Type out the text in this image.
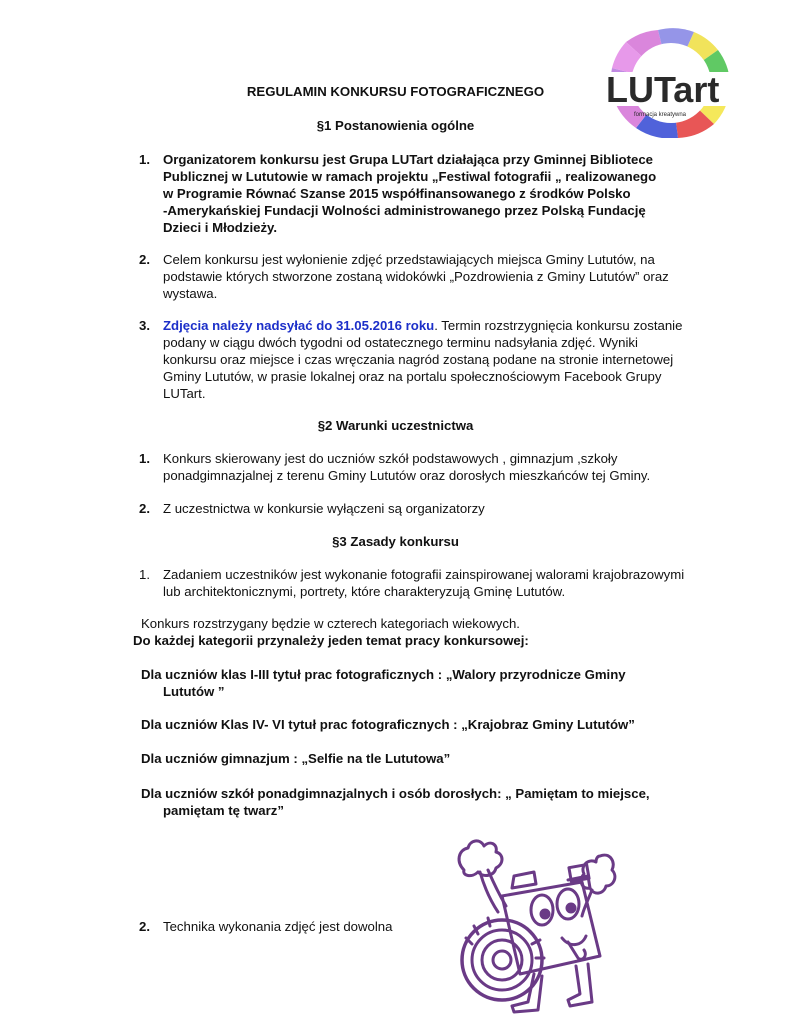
LUTart
formacja kreatywna
REGULAMIN KONKURSU FOTOGRAFICZNEGO
§1 Postanowienia ogólne
1. Organizatorem konkursu jest Grupa LUTart działająca przy Gminnej Bibliotece
Publicznej w Lututowie w ramach projektu „Festiwal fotografii „ realizowanego
w Programie Równać Szanse 2015 współfinansowanego z środków Polsko
-Amerykańskiej Fundacji Wolności administrowanego przez Polską Fundację
Dzieci i Młodzieży.
2. Celem konkursu jest wyłonienie zdjęć przedstawiających miejsca Gminy Lututów, na
podstawie których stworzone zostaną widokówki „Pozdrowienia z Gminy Lututów” oraz
wystawa.
3. Zdjęcia należy nadsyłać do 31.05.2016 roku. Termin rozstrzygnięcia konkursu zostanie
podany w ciągu dwóch tygodni od ostatecznego terminu nadsyłania zdjęć. Wyniki
konkursu oraz miejsce i czas wręczania nagród zostaną podane na stronie internetowej
Gminy Lututów, w prasie lokalnej oraz na portalu społecznościowym Facebook Grupy
LUTart.
§2 Warunki uczestnictwa
1. Konkurs skierowany jest do uczniów szkół podstawowych , gimnazjum ,szkoły
ponadgimnazjalnej z terenu Gminy Lututów oraz dorosłych mieszkańców tej Gminy.
2. Z uczestnictwa w konkursie wyłączeni są organizatorzy
§3 Zasady konkursu
1. Zadaniem uczestników jest wykonanie fotografii zainspirowanej walorami krajobrazowymi
lub architektonicznymi, portrety, które charakteryzują Gminę Lututów.
Konkurs rozstrzygany będzie w czterech kategoriach wiekowych.
Do każdej kategorii przynależy jeden temat pracy konkursowej:
Dla uczniów klas I-III tytuł prac fotograficznych : „Walory przyrodnicze Gminy
Lututów ”
Dla uczniów Klas IV- VI tytuł prac fotograficznych : „Krajobraz Gminy Lututów”
Dla uczniów gimnazjum : „Selfie na tle Lututowa”
Dla uczniów szkół ponadgimnazjalnych i osób dorosłych: „ Pamiętam to miejsce,
pamiętam tę twarz”
2. Technika wykonania zdjęć jest dowolna
